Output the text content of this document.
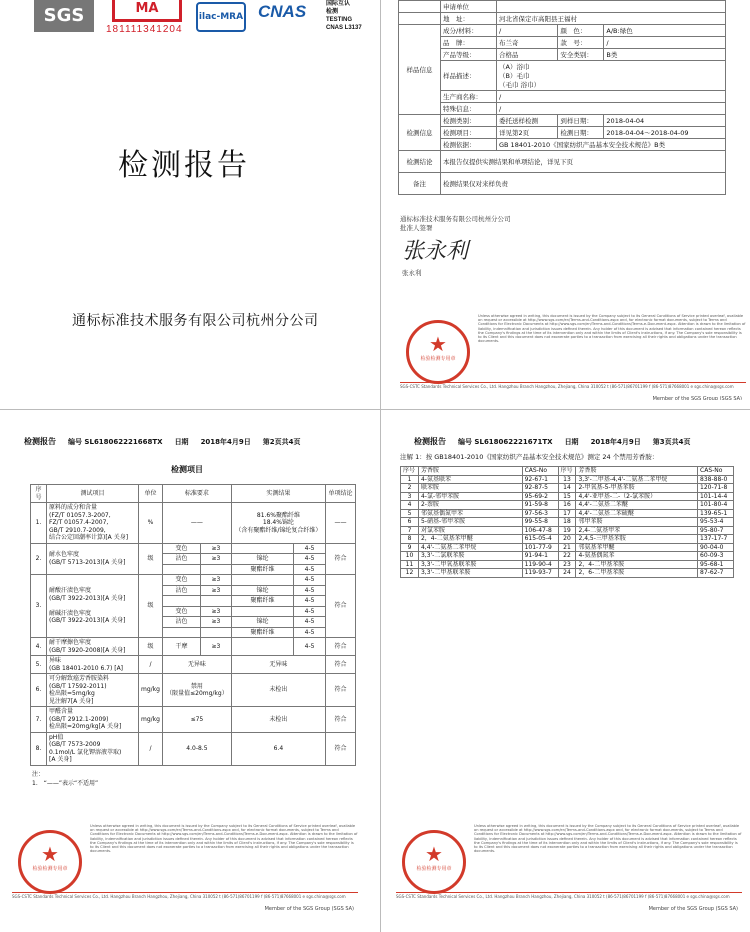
SGS	MA
181111341204
ilac-MRA CNAS	国际互认
检测
TESTING
CNAS L3137
检测报告
通标标准技术服务有限公司杭州分公司
	申请单位			
	地　址：	河北省保定市高阳县王福村		
样品信息	成分/材料：	/	颜　色：	A/B:绿色
	品　牌：	布兰奇	款　号：	/
	产品等级：	合格品	安全类别：	B类
	样品描述：	（A）浴巾
（B）毛巾
（毛巾 浴巾）		
	生产商名称：	/		
	特殊信息：	/		
检测信息	检测类别：	委托送样检测	到样日期：	2018-04-04
	检测项目：	详见第2页	检测日期：	2018-04-04～2018-04-09
	检测依据：	GB 18401-2010《国家纺织产品基本安全技术规范》B类		
检测结论	本报告仅提供实测结果和单项结论，详见下页			
备注	检测结果仅对来样负责			
通标标准技术服务有限公司杭州分公司
批准人签署
张永利
张永利
★
检验检测专用章
Unless otherwise agreed in writing, this document is issued by the Company subject to its General Conditions of Service printed overleaf, available on request or accessible at http://www.sgs.com/en/Terms-and-Conditions.aspx and, for electronic format documents, subject to Terms and Conditions for Electronic Documents at http://www.sgs.com/en/Terms-and-Conditions/Terms-e-Document.aspx. Attention is drawn to the limitation of liability, indemnification and jurisdiction issues defined therein. Any holder of this document is advised that information contained hereon reflects the Company's findings at the time of its intervention only and within the limits of Client's instructions, if any. The Company's sole responsibility is to its Client and this document does not exonerate parties to a transaction from exercising all their rights and obligations under the transaction documents.
SGS-CSTC Standards Technical Services Co., Ltd. Hangzhou Branch Hangzhou, Zhejiang, China 310052 t (86-571)86701199 f (86-571)87668001 e sgs.china@sgs.com
Member of the SGS Group (SGS SA)
检测报告 编号 SL61806222166​8TX 日期 2018年4月9日 第2页共4页
检测项目
序号	测试项目	单位	标准要求		实测结果		单项结论
1.	原料的成分和含量
(FZ/T 01057.3-2007,
FZ/T 01057.4-2007,
GB/T 2910.7-2009,
结合公定回潮率计算)[A 关身]	%	——		81.6%聚酯纤维
18.4%锦纶
（含有聚酯纤维/锦纶复合纤维）		——
2.	耐水色牢度
(GB/T 5713-2013)[A 关身]	级	变色	≥3		4-5	符合
			沾色	≥3	锦纶	4-5	
					聚酯纤维	4-5	
3.	耐酸汗渍色牢度
(GB/T 3922-2013)[A 关身]

耐碱汗渍色牢度
(GB/T 3922-2013)[A 关身]	级	变色	≥3		4-5	符合
			沾色	≥3	锦纶	4-5	
					聚酯纤维	4-5	
			变色	≥3		4-5	
			沾色	≥3	锦纶	4-5	
					聚酯纤维	4-5	
4.	耐干摩擦色牢度
(GB/T 3920-2008)[A 关身]	级	干摩	≥3		4-5	符合
5.	异味
(GB 18401-2010 6.7) [A]	/	无异味		无异味		符合
6.	可分解致癌芳香胺染料
(GB/T 17592-2011)
检出限=5mg/kg
见注解7[A 关身]	mg/kg	禁用
（限量值≤20mg/kg）		未检出		符合
7.	甲醛含量
(GB/T 2912.1-2009)
检出限=20mg/kg[A 关身]	mg/kg	≤75		未检出		符合
8.	pH值
(GB/T 7573-2009
0.1mol/L 氯化钾溶液萃取)
[A 关身]	/	4.0-8.5		6.4		符合
注：
1.　“——”表示“不适用”
★
检验检测专用章
Unless otherwise agreed in writing, this document is issued by the Company subject to its General Conditions of Service printed overleaf, available on request or accessible at http://www.sgs.com/en/Terms-and-Conditions.aspx and, for electronic format documents, subject to Terms and Conditions for Electronic Documents at http://www.sgs.com/en/Terms-and-Conditions/Terms-e-Document.aspx. Attention is drawn to the limitation of liability, indemnification and jurisdiction issues defined therein. Any holder of this document is advised that information contained hereon reflects the Company's findings at the time of its intervention only and within the limits of Client's instructions, if any. The Company's sole responsibility is to its Client and this document does not exonerate parties to a transaction from exercising all their rights and obligations under the transaction documents.
SGS-CSTC Standards Technical Services Co., Ltd. Hangzhou Branch Hangzhou, Zhejiang, China 310052 t (86-571)86701199 f (86-571)87668001 e sgs.china@sgs.com
Member of the SGS Group (SGS SA)
检测报告 编号 SL61806222167​1TX 日期 2018年4月9日 第3页共4页
注解 1：按 GB18401-2010《国家纺织产品基本安全技术规范》测定 24 个禁用芳香胺：
序号	芳香胺	CAS-No	序号	芳香胺	CAS-No
1	4-氨基联苯	92-67-1	13	3,3'-二甲基-4,4'-二氨基二苯甲烷	838-88-0
2	联苯胺	92-87-5	14	2-甲氧基-5-甲基苯胺	120-71-8
3	4-氯-邻甲苯胺	95-69-2	15	4,4'-亚甲基-二-（2-氯苯胺）	101-14-4
4	2-萘胺	91-59-8	16	4,4'-二氨基二苯醚	101-80-4
5	邻氨基偶氮甲苯	97-56-3	17	4,4'-二氨基二苯硫醚	139-65-1
6	5-硝基-邻甲苯胺	99-55-8	18	邻甲苯胺	95-53-4
7	对氯苯胺	106-47-8	19	2,4-二氨基甲苯	95-80-7
8	2，4-二氨基苯甲醚	615-05-4	20	2,4,5-三甲基苯胺	137-17-7
9	4,4'-二氨基二苯甲烷	101-77-9	21	邻氨基苯甲醚	90-04-0
10	3,3'-二氯联苯胺	91-94-1	22	4-氨基偶氮苯	60-09-3
11	3,3'-二甲氧基联苯胺	119-90-4	23	2，4-二甲基苯胺	95-68-1
12	3,3'-二甲基联苯胺	119-93-7	24	2，6-二甲基苯胺	87-62-7
★
检验检测专用章
Unless otherwise agreed in writing, this document is issued by the Company subject to its General Conditions of Service printed overleaf, available on request or accessible at http://www.sgs.com/en/Terms-and-Conditions.aspx and, for electronic format documents, subject to Terms and Conditions for Electronic Documents at http://www.sgs.com/en/Terms-and-Conditions/Terms-e-Document.aspx. Attention is drawn to the limitation of liability, indemnification and jurisdiction issues defined therein. Any holder of this document is advised that information contained hereon reflects the Company's findings at the time of its intervention only and within the limits of Client's instructions, if any. The Company's sole responsibility is to its Client and this document does not exonerate parties to a transaction from exercising all their rights and obligations under the transaction documents.
SGS-CSTC Standards Technical Services Co., Ltd. Hangzhou Branch Hangzhou, Zhejiang, China 310052 t (86-571)86701199 f (86-571)87668001 e sgs.china@sgs.com
Member of the SGS Group (SGS SA)
